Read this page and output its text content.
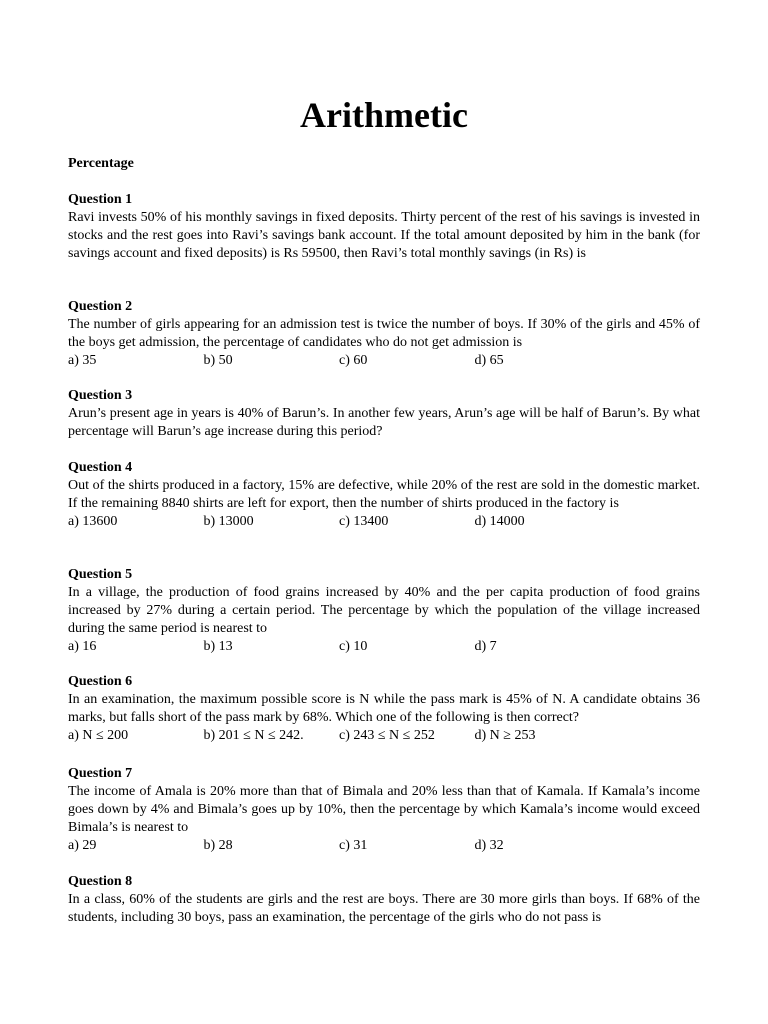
Arithmetic
Percentage
Question 1
Ravi invests 50% of his monthly savings in fixed deposits. Thirty percent of the rest of his savings is invested in stocks and the rest goes into Ravi’s savings bank account. If the total amount deposited by him in the bank (for savings account and fixed deposits) is Rs 59500, then Ravi’s total monthly savings (in Rs) is
Question 2
The number of girls appearing for an admission test is twice the number of boys. If 30% of the girls and 45% of the boys get admission, the percentage of candidates who do not get admission is
a) 35	b) 50	c) 60	d) 65
Question 3
Arun’s present age in years is 40% of Barun’s. In another few years, Arun’s age will be half of Barun’s. By what percentage will Barun’s age increase during this period?
Question 4
Out of the shirts produced in a factory, 15% are defective, while 20% of the rest are sold in the domestic market. If the remaining 8840 shirts are left for export, then the number of shirts produced in the factory is
a) 13600	b) 13000	c) 13400	d) 14000
Question 5
In a village, the production of food grains increased by 40% and the per capita production of food grains increased by 27% during a certain period. The percentage by which the population of the village increased during the same period is nearest to
a) 16	b) 13	c) 10	d) 7
Question 6
In an examination, the maximum possible score is N while the pass mark is 45% of N. A candidate obtains 36 marks, but falls short of the pass mark by 68%. Which one of the following is then correct?
a) N ≤ 200	b) 201 ≤ N ≤ 242.	c) 243 ≤ N ≤ 252	d) N ≥ 253
Question 7
The income of Amala is 20% more than that of Bimala and 20% less than that of Kamala. If Kamala’s income goes down by 4% and Bimala’s goes up by 10%, then the percentage by which Kamala’s income would exceed Bimala’s is nearest to
a) 29	b) 28	c) 31	d) 32
Question 8
In a class, 60% of the students are girls and the rest are boys. There are 30 more girls than boys. If 68% of the students, including 30 boys, pass an examination, the percentage of the girls who do not pass is
